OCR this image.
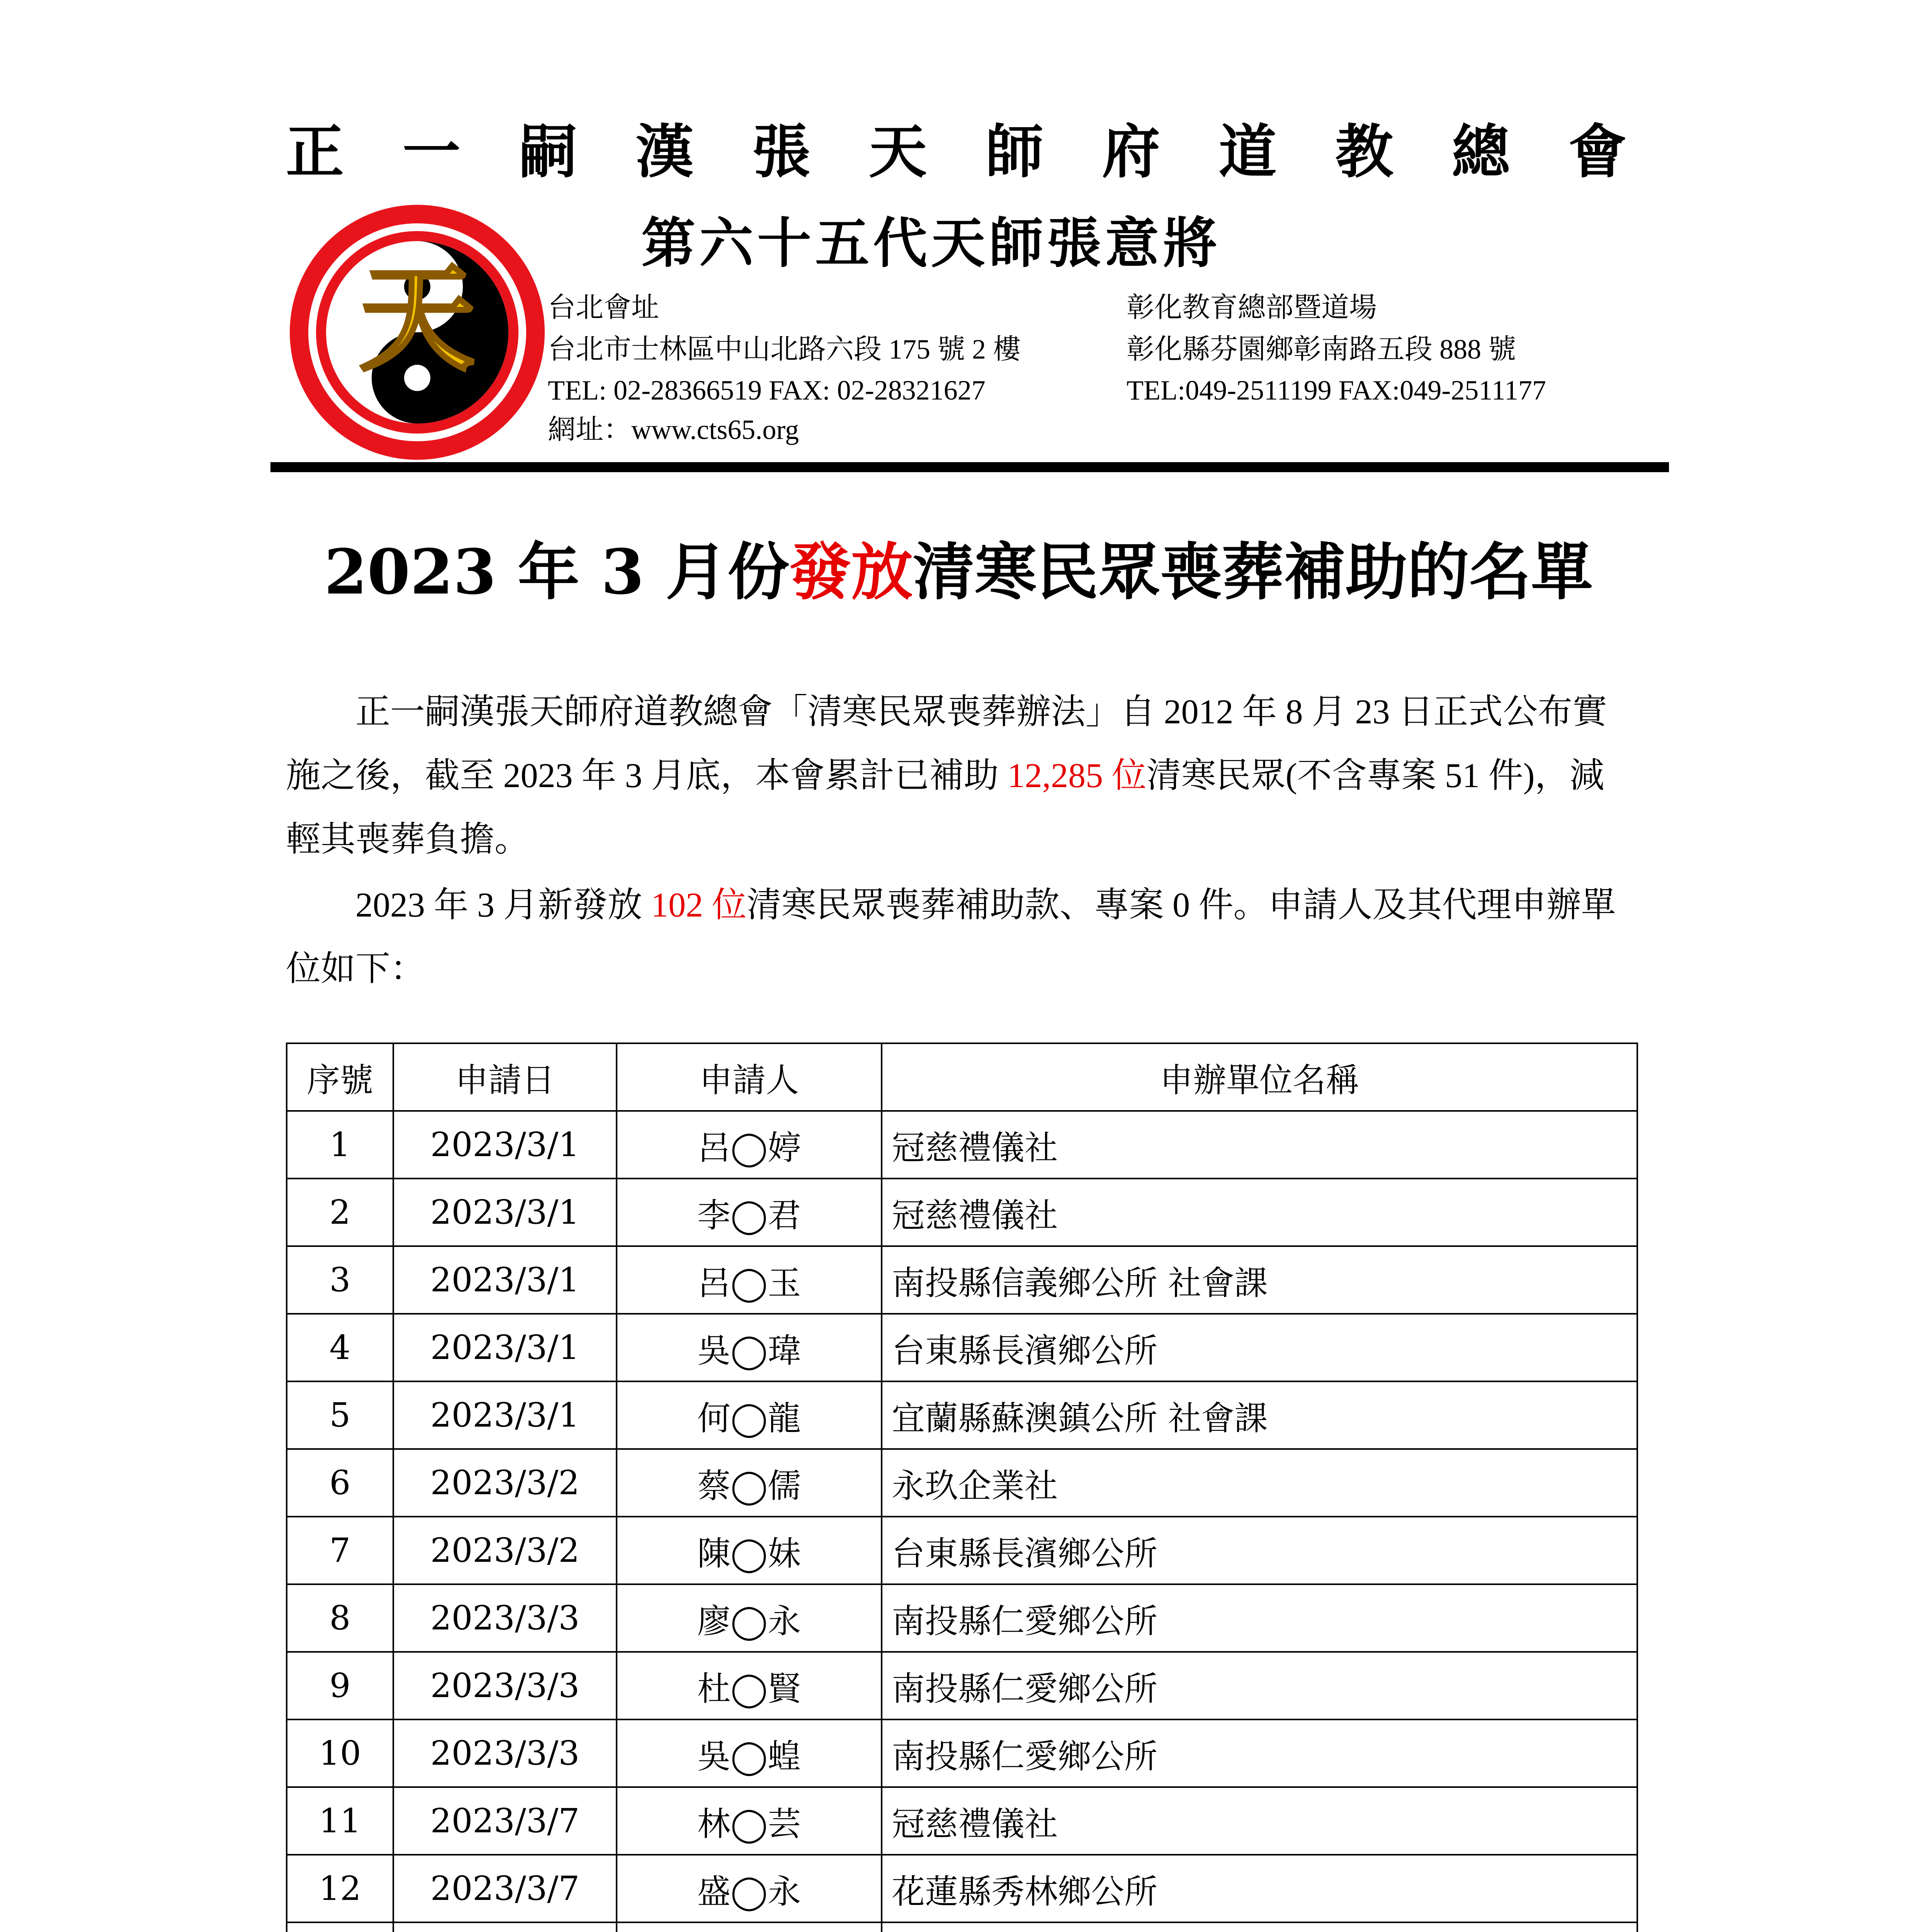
正 一 嗣 漢 張 天 師 府 道 教 總 會
天
第六十五代天師張意將
台北會址
台北市士林區中山北路六段 175 號 2 樓
TEL: 02-28366519 FAX: 02-28321627
網址：www.cts65.org
彰化教育總部暨道場
彰化縣芬園鄉彰南路五段 888 號
TEL:049-2511199 FAX:049-2511177
2023 年 3 月份發放清寒民眾喪葬補助的名單
正一嗣漢張天師府道教總會「清寒民眾喪葬辦法」自 2012 年 8 月 23 日正式公布實施之後，截至 2023 年 3 月底，本會累計已補助 12,285 位清寒民眾(不含專案 51 件)，減輕其喪葬負擔。
2023 年 3 月新發放 102 位清寒民眾喪葬補助款、專案 0 件。申請人及其代理申辦單位如下：
序號	申請日	申請人	申辦單位名稱
1	2023/3/1	呂◯婷	冠慈禮儀社
2	2023/3/1	李◯君	冠慈禮儀社
3	2023/3/1	呂◯玉	南投縣信義鄉公所 社會課
4	2023/3/1	吳◯瑋	台東縣長濱鄉公所
5	2023/3/1	何◯龍	宜蘭縣蘇澳鎮公所 社會課
6	2023/3/2	蔡◯儒	永玖企業社
7	2023/3/2	陳◯妹	台東縣長濱鄉公所
8	2023/3/3	廖◯永	南投縣仁愛鄉公所
9	2023/3/3	杜◯賢	南投縣仁愛鄉公所
10	2023/3/3	吳◯蝗	南投縣仁愛鄉公所
11	2023/3/7	林◯芸	冠慈禮儀社
12	2023/3/7	盛◯永	花蓮縣秀林鄉公所
